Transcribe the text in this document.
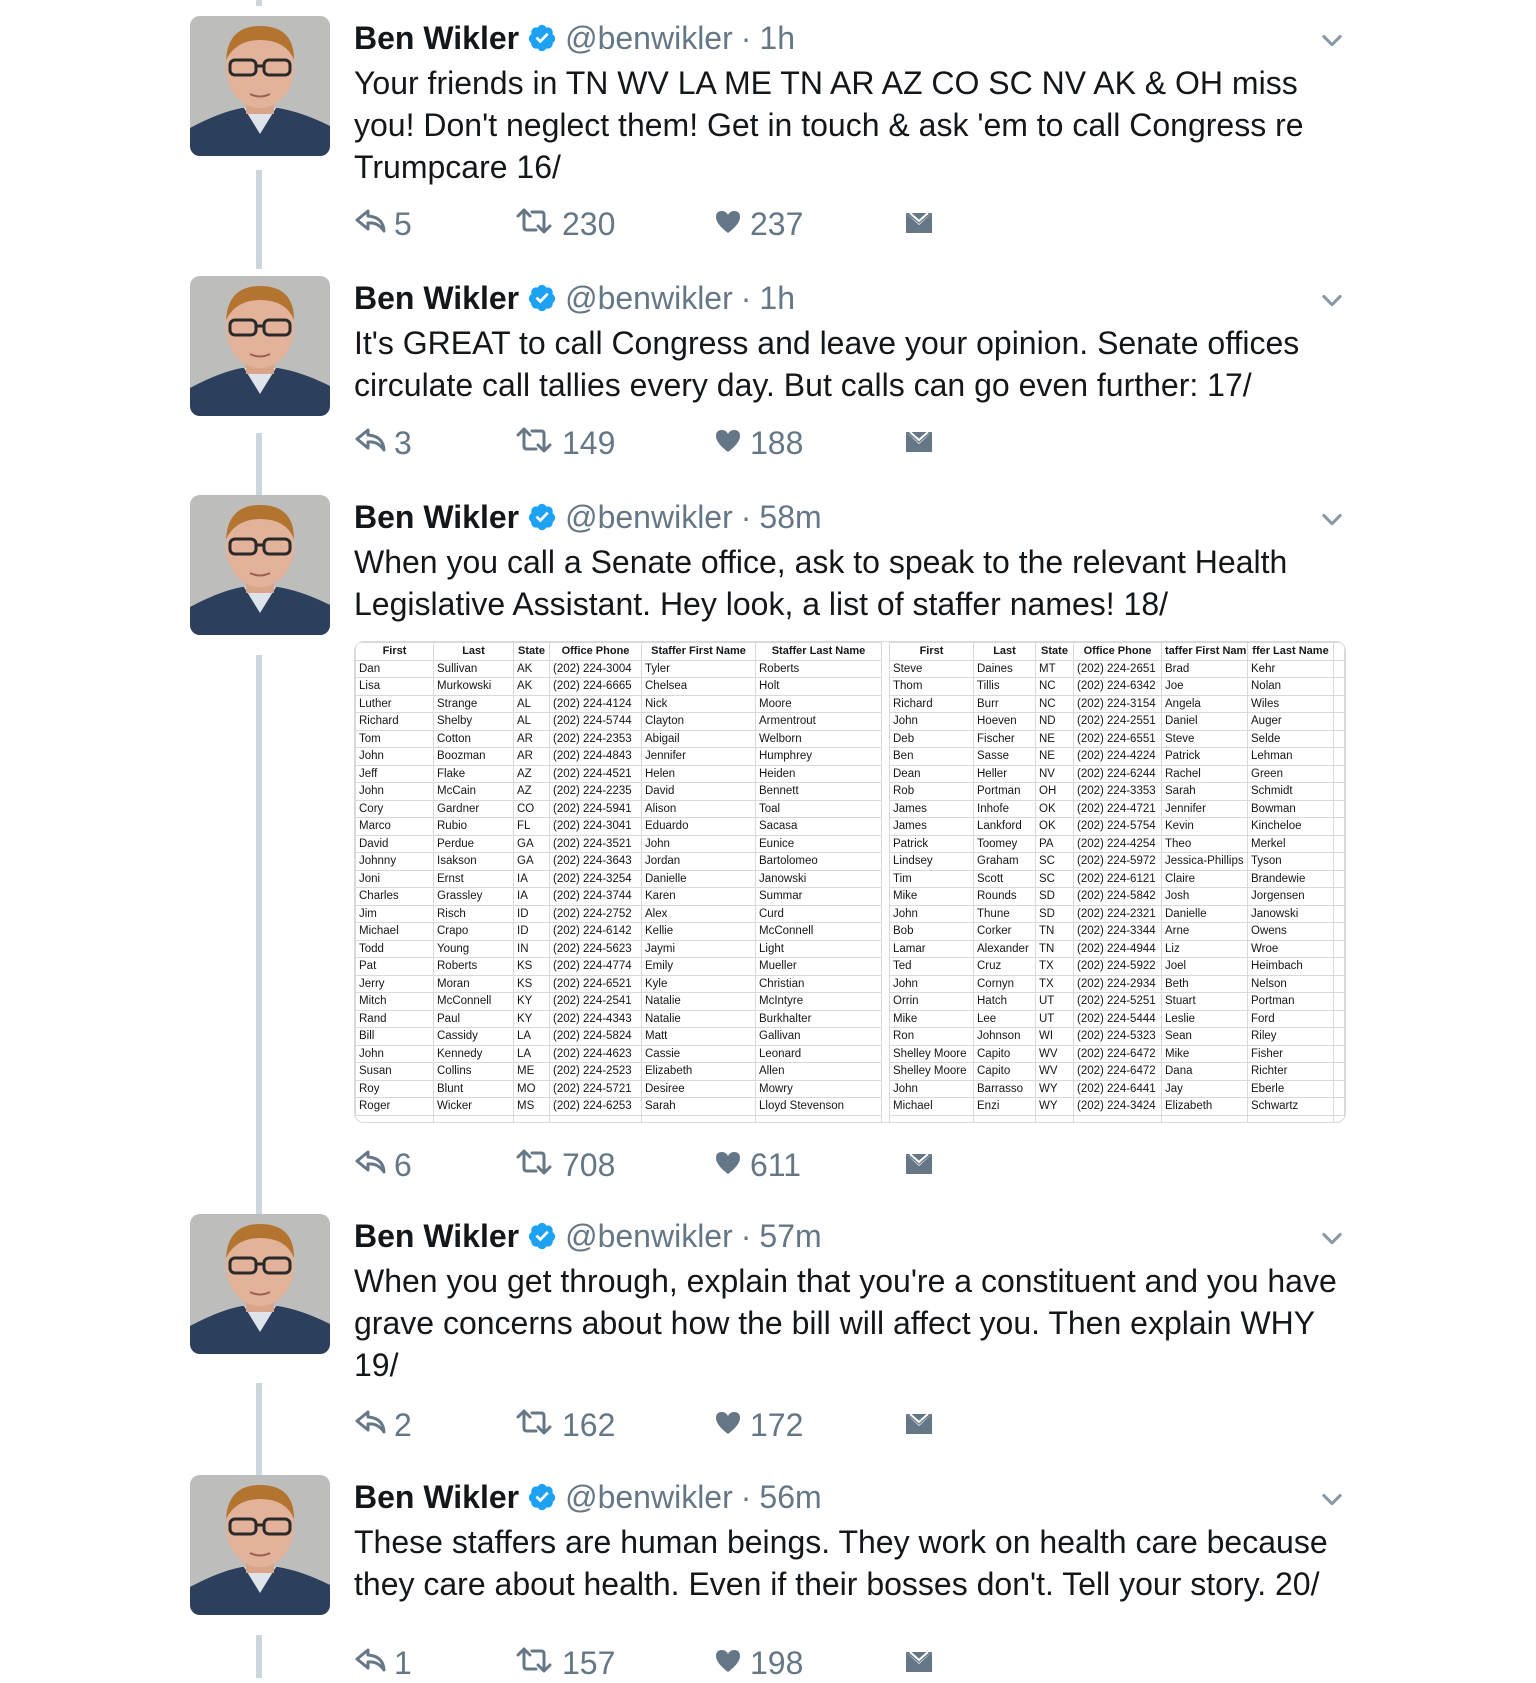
Ben Wikler @benwikler · 1h
Your friends in TN WV LA ME TN AR AZ CO SC NV AK & OH miss you! Don't neglect them! Get in touch & ask 'em to call Congress re Trumpcare 16/
5	230	237
Ben Wikler @benwikler · 1h
It's GREAT to call Congress and leave your opinion. Senate offices circulate call tallies every day. But calls can go even further: 17/
3	149	188
Ben Wikler @benwikler · 58m
When you call a Senate office, ask to speak to the relevant Health Legislative Assistant. Hey look, a list of staffer names! 18/
6	708	611
Ben Wikler @benwikler · 57m
When you get through, explain that you're a constituent and you have grave concerns about how the bill will affect you. Then explain WHY 19/
2	162	172
Ben Wikler @benwikler · 56m
These staffers are human beings. They work on health care because they care about health. Even if their bosses don't. Tell your story. 20/
1	157	198
First	Last	State	Office Phone	Staffer First Name	Staffer Last Name		First	Last	State	Office Phone	taffer First Nam	ffer Last Name	
Dan	Sullivan	AK	(202) 224-3004	Tyler	Roberts		Steve	Daines	MT	(202) 224-2651	Brad	Kehr	
Lisa	Murkowski	AK	(202) 224-6665	Chelsea	Holt		Thom	Tillis	NC	(202) 224-6342	Joe	Nolan	
Luther	Strange	AL	(202) 224-4124	Nick	Moore		Richard	Burr	NC	(202) 224-3154	Angela	Wiles	
Richard	Shelby	AL	(202) 224-5744	Clayton	Armentrout		John	Hoeven	ND	(202) 224-2551	Daniel	Auger	
Tom	Cotton	AR	(202) 224-2353	Abigail	Welborn		Deb	Fischer	NE	(202) 224-6551	Steve	Selde	
John	Boozman	AR	(202) 224-4843	Jennifer	Humphrey		Ben	Sasse	NE	(202) 224-4224	Patrick	Lehman	
Jeff	Flake	AZ	(202) 224-4521	Helen	Heiden		Dean	Heller	NV	(202) 224-6244	Rachel	Green	
John	McCain	AZ	(202) 224-2235	David	Bennett		Rob	Portman	OH	(202) 224-3353	Sarah	Schmidt	
Cory	Gardner	CO	(202) 224-5941	Alison	Toal		James	Inhofe	OK	(202) 224-4721	Jennifer	Bowman	
Marco	Rubio	FL	(202) 224-3041	Eduardo	Sacasa		James	Lankford	OK	(202) 224-5754	Kevin	Kincheloe	
David	Perdue	GA	(202) 224-3521	John	Eunice		Patrick	Toomey	PA	(202) 224-4254	Theo	Merkel	
Johnny	Isakson	GA	(202) 224-3643	Jordan	Bartolomeo		Lindsey	Graham	SC	(202) 224-5972	Jessica-Phillips	Tyson	
Joni	Ernst	IA	(202) 224-3254	Danielle	Janowski		Tim	Scott	SC	(202) 224-6121	Claire	Brandewie	
Charles	Grassley	IA	(202) 224-3744	Karen	Summar		Mike	Rounds	SD	(202) 224-5842	Josh	Jorgensen	
Jim	Risch	ID	(202) 224-2752	Alex	Curd		John	Thune	SD	(202) 224-2321	Danielle	Janowski	
Michael	Crapo	ID	(202) 224-6142	Kellie	McConnell		Bob	Corker	TN	(202) 224-3344	Arne	Owens	
Todd	Young	IN	(202) 224-5623	Jaymi	Light		Lamar	Alexander	TN	(202) 224-4944	Liz	Wroe	
Pat	Roberts	KS	(202) 224-4774	Emily	Mueller		Ted	Cruz	TX	(202) 224-5922	Joel	Heimbach	
Jerry	Moran	KS	(202) 224-6521	Kyle	Christian		John	Cornyn	TX	(202) 224-2934	Beth	Nelson	
Mitch	McConnell	KY	(202) 224-2541	Natalie	McIntyre		Orrin	Hatch	UT	(202) 224-5251	Stuart	Portman	
Rand	Paul	KY	(202) 224-4343	Natalie	Burkhalter		Mike	Lee	UT	(202) 224-5444	Leslie	Ford	
Bill	Cassidy	LA	(202) 224-5824	Matt	Gallivan		Ron	Johnson	WI	(202) 224-5323	Sean	Riley	
John	Kennedy	LA	(202) 224-4623	Cassie	Leonard		Shelley Moore	Capito	WV	(202) 224-6472	Mike	Fisher	
Susan	Collins	ME	(202) 224-2523	Elizabeth	Allen		Shelley Moore	Capito	WV	(202) 224-6472	Dana	Richter	
Roy	Blunt	MO	(202) 224-5721	Desiree	Mowry		John	Barrasso	WY	(202) 224-6441	Jay	Eberle	
Roger	Wicker	MS	(202) 224-6253	Sarah	Lloyd Stevenson		Michael	Enzi	WY	(202) 224-3424	Elizabeth	Schwartz	
